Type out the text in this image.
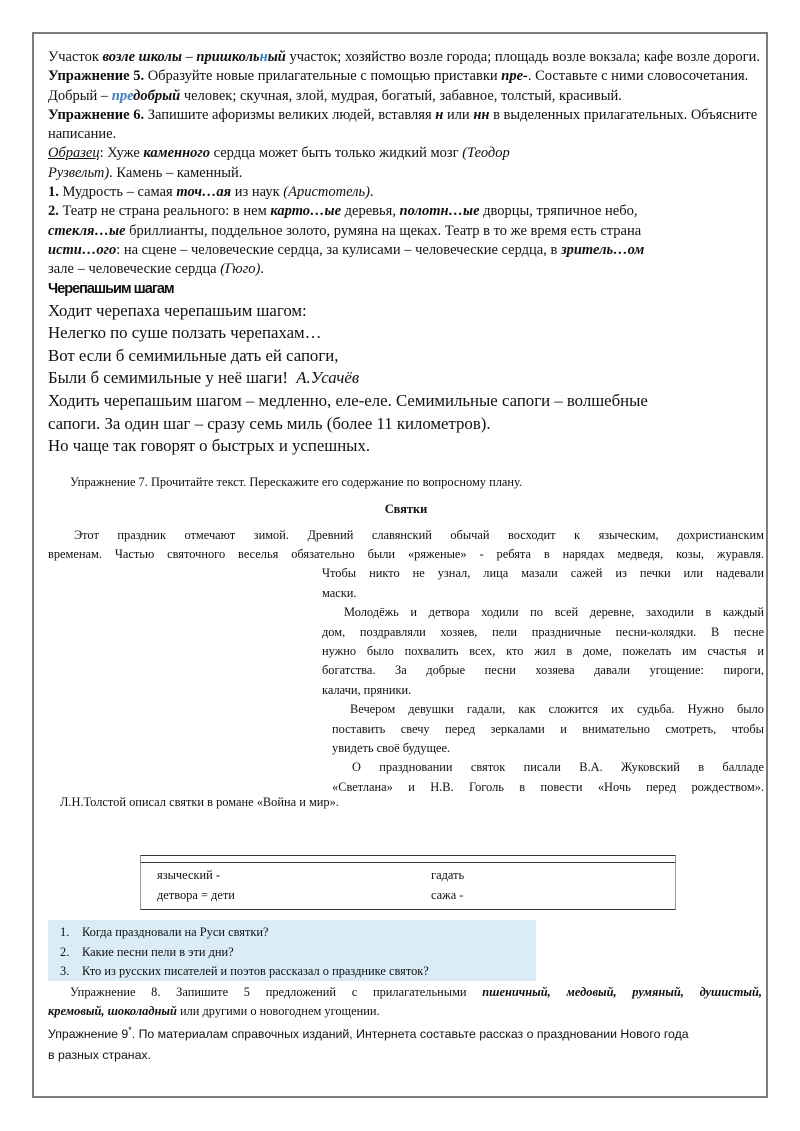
Участок возле школы – пришкольный участок; хозяйство возле города; площадь возле вокзала; кафе возле дороги.

Упражнение 5. Образуйте новые прилагательные с помощью приставки пре-. Составьте с ними словосочетания.

Добрый – предобрый человек; скучная, злой, мудрая, богатый, забавное, толстый, красивый.

Упражнение 6. Запишите афоризмы великих людей, вставляя н или нн в выделенных прилагательных. Объясните написание.

Образец: Хуже каменного сердца может быть только жидкий мозг (Теодор
Рузвельт). Камень – каменный.

1. Мудрость – самая точ…ая из наук (Аристотель).

2. Театр не страна реального: в нем карто…ые деревья, полотн…ые дворцы, тряпичное небо,
стекля…ые бриллианты, поддельное золото, румяна на щеках. Театр в то же время есть страна
исти…ого: на сцене – человеческие сердца, за кулисами – человеческие сердца, в зритель…ом
зале – человеческие сердца (Гюго).

Черепашьим шагам

Ходит черепаха черепашьим шагом:

Нелегко по суше ползать черепахам…

Вот если б семимильные дать ей сапоги,

Были б семимильные у неё шаги!  А.Усачёв

Ходить черепашьим шагом – медленно, еле-еле. Семимильные сапоги – волшебные

сапоги. За один шаг – сразу семь миль (более 11 километров).

Но чаще так говорят о быстрых и успешных.

Упражнение 7. Прочитайте текст. Перескажите его содержание по вопросному плану.

Святки

Этот праздник отмечают зимой. Древний славянский обычай восходит к языческим, дохристианским

временам. Частью святочного веселья обязательно были «ряженые» - ребята в нарядах медведя, козы, журавля.

Чтобы никто не узнал, лица мазали сажей из печки или надевали

маски.

Молодёжь и детвора ходили по всей деревне, заходили в каждый

дом, поздравляли хозяев, пели праздничные песни-колядки. В песне

нужно было похвалить всех, кто жил в доме, пожелать им счастья и

богатства. За добрые песни хозяева давали угощение: пироги,

калачи, пряники.

Вечером девушки гадали, как сложится их судьба. Нужно было

поставить свечу перед зеркалами и внимательно смотреть, чтобы

увидеть своё будущее.

О праздновании святок писали В.А. Жуковский в балладе

«Светлана» и Н.В. Гоголь в повести «Ночь перед рождеством».

Л.Н.Толстой описал святки в романе «Война и мир».

языческий -	гадать
детвора = дети	сажа -
1. Когда праздновали на Руси святки?
2. Какие песни пели в эти дни?
3. Кто из русских писателей и поэтов рассказал о празднике святок?

Упражнение 8. Запишите 5 предложений с прилагательными пшеничный, медовый, румяный, душистый,

кремовый, шоколадный или другими о новогоднем угощении.

Упражнение 9*. По материалам справочных изданий, Интернета составьте рассказ о праздновании Нового года

в разных странах.
